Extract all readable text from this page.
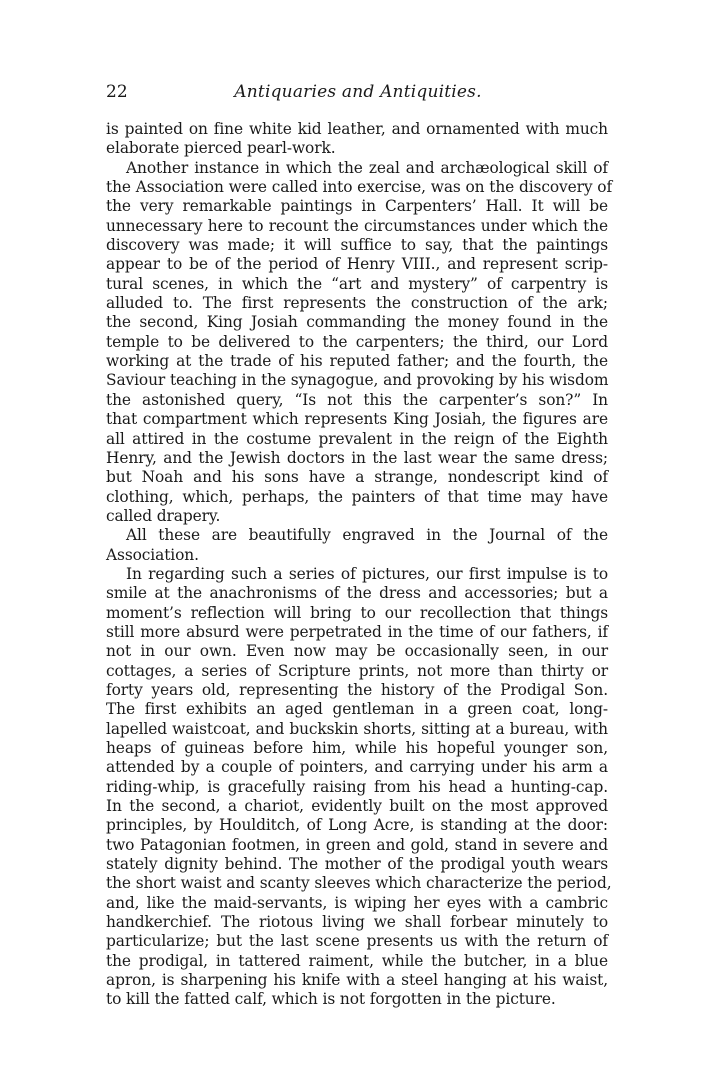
22	Antiquaries and Antiquities.
is painted on fine white kid leather, and ornamented with much
elaborate pierced pearl-work.
Another instance in which the zeal and archæological skill of
the Association were called into exercise, was on the discovery of
the very remarkable paintings in Carpenters’ Hall. It will be
unnecessary here to recount the circumstances under which the
discovery was made; it will suffice to say, that the paintings
appear to be of the period of Henry VIII., and represent scrip-
tural scenes, in which the “art and mystery” of carpentry is
alluded to. The first represents the construction of the ark;
the second, King Josiah commanding the money found in the
temple to be delivered to the carpenters; the third, our Lord
working at the trade of his reputed father; and the fourth, the
Saviour teaching in the synagogue, and provoking by his wisdom
the astonished query, “Is not this the carpenter’s son?” In
that compartment which represents King Josiah, the figures are
all attired in the costume prevalent in the reign of the Eighth
Henry, and the Jewish doctors in the last wear the same dress;
but Noah and his sons have a strange, nondescript kind of
clothing, which, perhaps, the painters of that time may have
called drapery.
All these are beautifully engraved in the Journal of the
Association.
In regarding such a series of pictures, our first impulse is to
smile at the anachronisms of the dress and accessories; but a
moment’s reflection will bring to our recollection that things
still more absurd were perpetrated in the time of our fathers, if
not in our own. Even now may be occasionally seen, in our
cottages, a series of Scripture prints, not more than thirty or
forty years old, representing the history of the Prodigal Son.
The first exhibits an aged gentleman in a green coat, long-
lapelled waistcoat, and buckskin shorts, sitting at a bureau, with
heaps of guineas before him, while his hopeful younger son,
attended by a couple of pointers, and carrying under his arm a
riding-whip, is gracefully raising from his head a hunting-cap.
In the second, a chariot, evidently built on the most approved
principles, by Houlditch, of Long Acre, is standing at the door:
two Patagonian footmen, in green and gold, stand in severe and
stately dignity behind. The mother of the prodigal youth wears
the short waist and scanty sleeves which characterize the period,
and, like the maid-servants, is wiping her eyes with a cambric
handkerchief. The riotous living we shall forbear minutely to
particularize; but the last scene presents us with the return of
the prodigal, in tattered raiment, while the butcher, in a blue
apron, is sharpening his knife with a steel hanging at his waist,
to kill the fatted calf, which is not forgotten in the picture.
